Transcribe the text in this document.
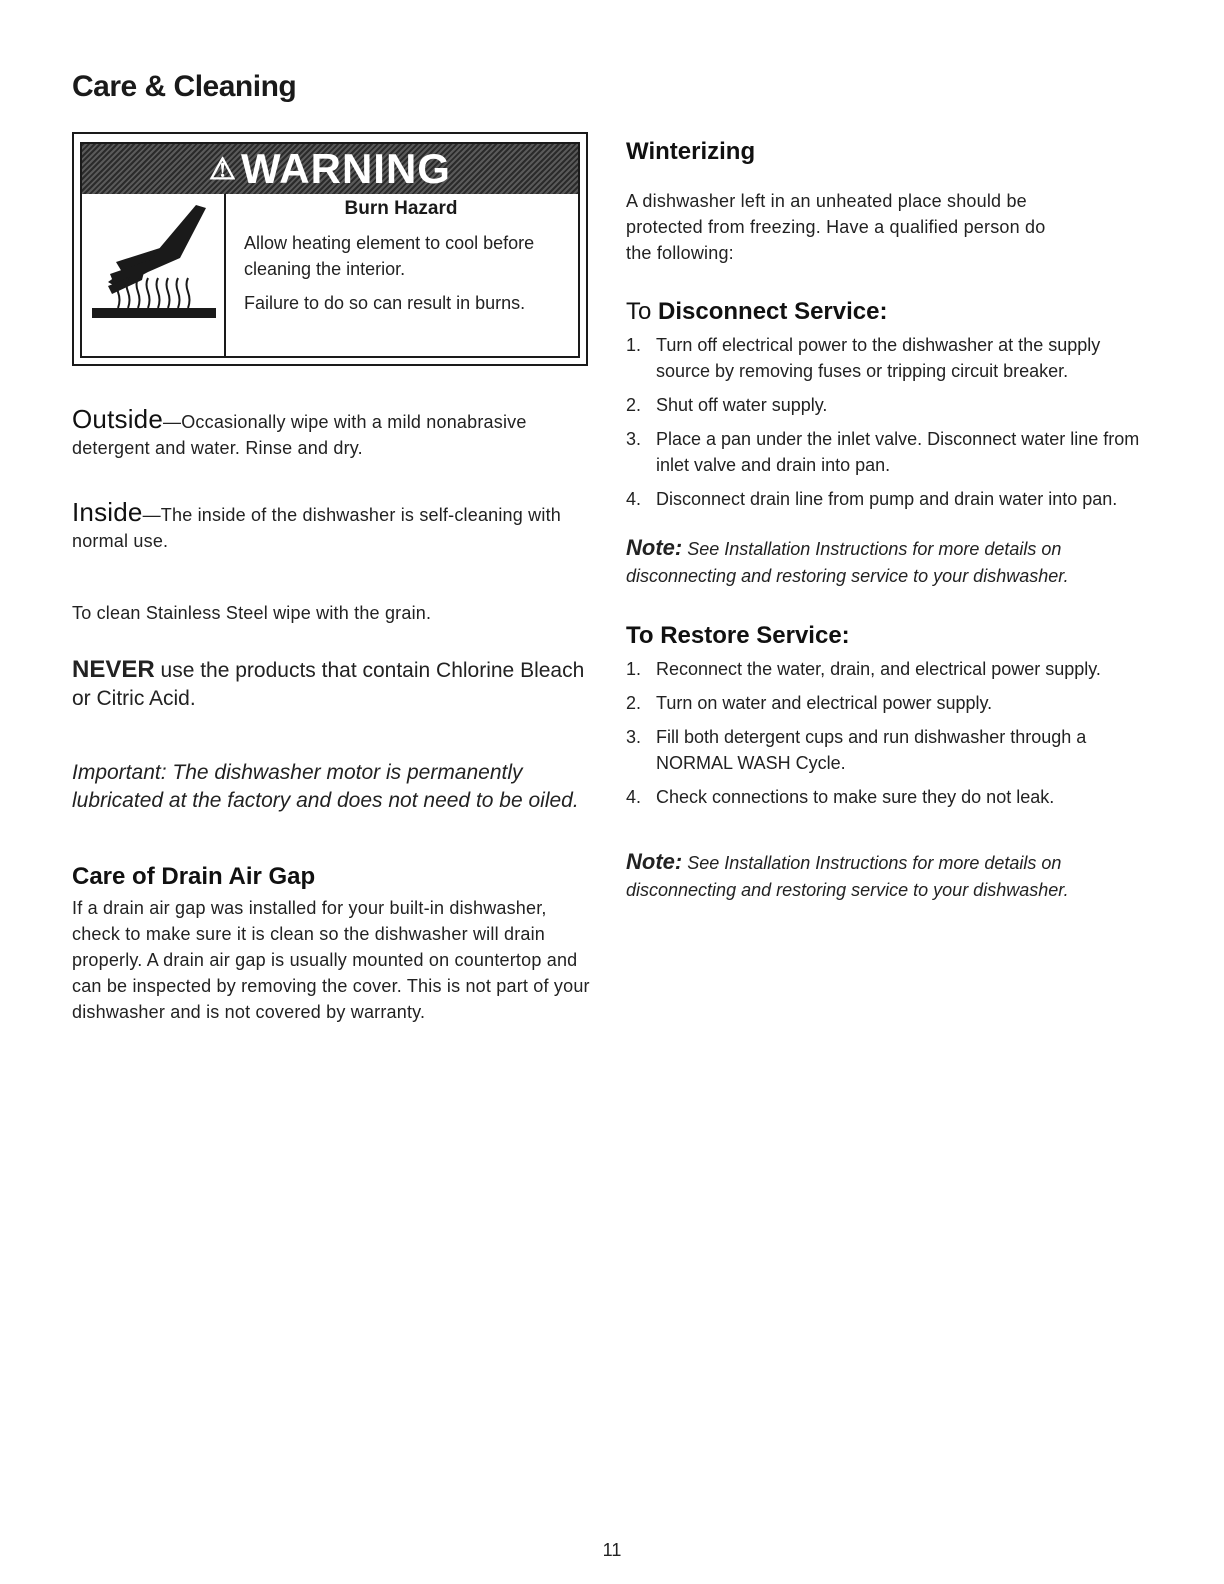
Care & Cleaning
⚠ WARNING
Burn Hazard
Allow heating element to cool before cleaning the interior.
Failure to do so can result in burns.
Outside—Occasionally wipe with a mild nonabrasive detergent and water. Rinse and dry.
Inside—The inside of the dishwasher is self-cleaning with normal use.
To clean Stainless Steel wipe with the grain.
NEVER use the products that contain Chlorine Bleach or Citric Acid.
Important: The dishwasher motor is permanently lubricated at the factory and does not need to be oiled.
Care of Drain Air Gap
If a drain air gap was installed for your built-in dishwasher, check to make sure it is clean so the dishwasher will drain properly. A drain air gap is usually mounted on countertop and can be inspected by removing the cover. This is not part of your dishwasher and is not covered by warranty.
Winterizing
A dishwasher left in an unheated place should be protected from freezing. Have a qualified person do the following:
To Disconnect Service:
1. Turn off electrical power to the dishwasher at the supply source by removing fuses or tripping circuit breaker.
2. Shut off water supply.
3. Place a pan under the inlet valve. Disconnect water line from inlet valve and drain into pan.
4. Disconnect drain line from pump and drain water into pan.
Note: See Installation Instructions for more details on disconnecting and restoring service to your dishwasher.
To Restore Service:
1. Reconnect the water, drain, and electrical power supply.
2. Turn on water and electrical power supply.
3. Fill both detergent cups and run dishwasher through a NORMAL WASH Cycle.
4. Check connections to make sure they do not leak.
Note: See Installation Instructions for more details on disconnecting and restoring service to your dishwasher.
11
